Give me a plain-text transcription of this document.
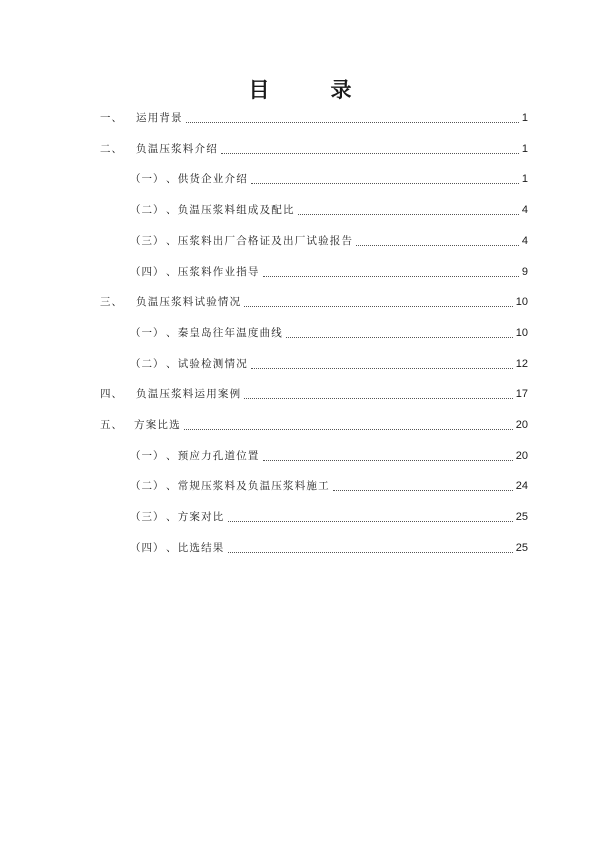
目　录
一、 运用背景	1
二、 负温压浆料介绍	1
（一） 、供货企业介绍	1
（二） 、负温压浆料组成及配比	4
（三） 、压浆料出厂合格证及出厂试验报告	4
（四） 、压浆料作业指导	9
三、 负温压浆料试验情况	10
（一） 、秦皇岛往年温度曲线	10
（二） 、试验检测情况	12
四、 负温压浆料运用案例	17
五、 方案比选	20
（一） 、预应力孔道位置	20
（二） 、常规压浆料及负温压浆料施工	24
（三） 、方案对比	25
（四） 、比选结果	25
